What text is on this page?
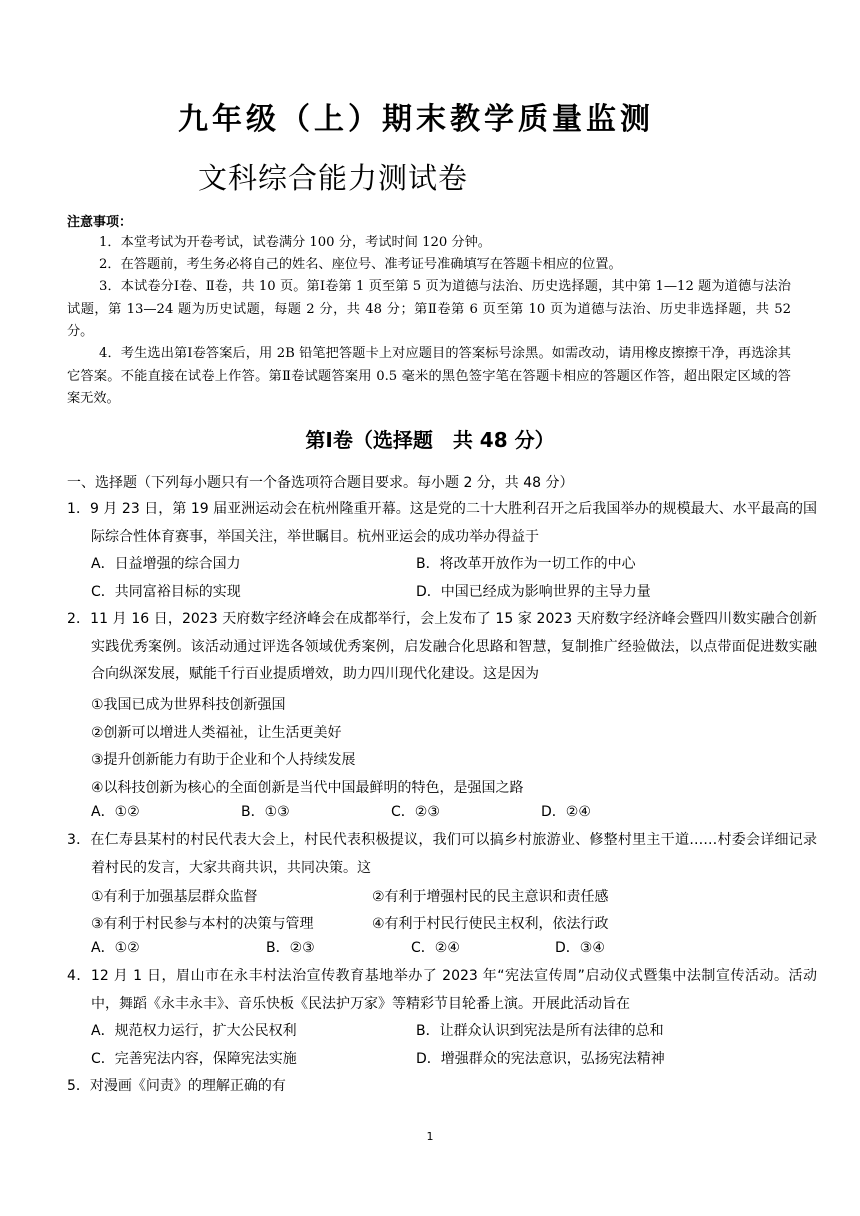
九年级（上）期末教学质量监测
文科综合能力测试卷
注意事项：
1．本堂考试为开卷考试，试卷满分 100 分，考试时间 120 分钟。
2．在答题前，考生务必将自己的姓名、座位号、准考证号准确填写在答题卡相应的位置。
3．本试卷分Ⅰ卷、Ⅱ卷，共 10 页。第Ⅰ卷第 1 页至第 5 页为道德与法治、历史选择题，其中第 1—12 题为道德与法治试题，第 13—24 题为历史试题，每题 2 分，共 48 分；第Ⅱ卷第 6 页至第 10 页为道德与法治、历史非选择题，共 52 分。
4．考生选出第Ⅰ卷答案后，用 2B 铅笔把答题卡上对应题目的答案标号涂黑。如需改动，请用橡皮擦擦干净，再选涂其它答案。不能直接在试卷上作答。第Ⅱ卷试题答案用 0.5 毫米的黑色签字笔在答题卡相应的答题区作答，超出限定区域的答案无效。
第Ⅰ卷（选择题　共 48 分）
一、选择题（下列每小题只有一个备选项符合题目要求。每小题 2 分，共 48 分）
1．9 月 23 日，第 19 届亚洲运动会在杭州隆重开幕。这是党的二十大胜利召开之后我国举办的规模最大、水平最高的国际综合性体育赛事，举国关注，举世瞩目。杭州亚运会的成功举办得益于
A．日益增强的综合国力	B．将改革开放作为一切工作的中心
C．共同富裕目标的实现	D．中国已经成为影响世界的主导力量
2．11 月 16 日，2023 天府数字经济峰会在成都举行，会上发布了 15 家 2023 天府数字经济峰会暨四川数实融合创新实践优秀案例。该活动通过评选各领域优秀案例，启发融合化思路和智慧，复制推广经验做法，以点带面促进数实融合向纵深发展，赋能千行百业提质增效，助力四川现代化建设。这是因为
①我国已成为世界科技创新强国
②创新可以增进人类福祉，让生活更美好
③提升创新能力有助于企业和个人持续发展
④以科技创新为核心的全面创新是当代中国最鲜明的特色，是强国之路
A．①②	B．①③	C．②③	D．②④
3．在仁寿县某村的村民代表大会上，村民代表积极提议，我们可以搞乡村旅游业、修整村里主干道……村委会详细记录着村民的发言，大家共商共识，共同决策。这
①有利于加强基层群众监督	②有利于增强村民的民主意识和责任感
③有利于村民参与本村的决策与管理	④有利于村民行使民主权利，依法行政
A．①②	B．②③	C．②④	D．③④
4．12 月 1 日，眉山市在永丰村法治宣传教育基地举办了 2023 年“宪法宣传周”启动仪式暨集中法制宣传活动。活动中，舞蹈《永丰永丰》、音乐快板《民法护万家》等精彩节目轮番上演。开展此活动旨在
A．规范权力运行，扩大公民权利	B．让群众认识到宪法是所有法律的总和
C．完善宪法内容，保障宪法实施	D．增强群众的宪法意识，弘扬宪法精神
5．对漫画《问责》的理解正确的有
1
